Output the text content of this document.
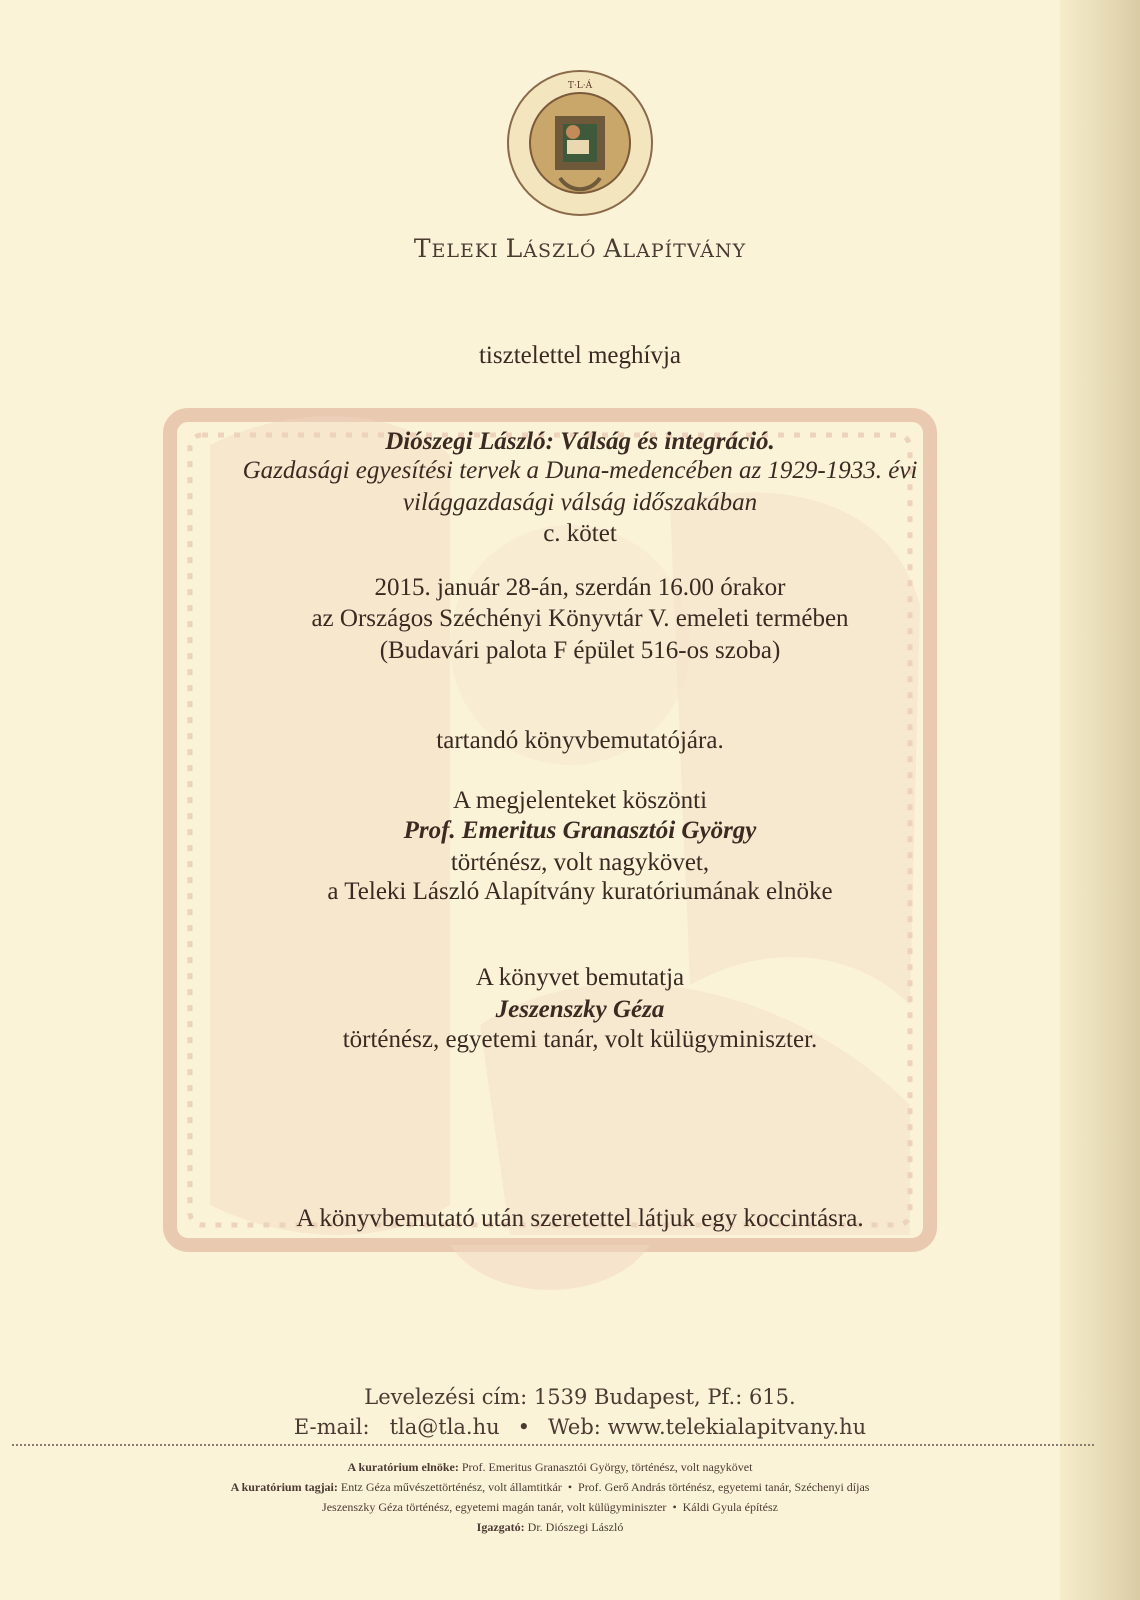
T·L·Á
TELEKI LÁSZLÓ ALAPÍTVÁNY
tisztelettel meghívja
Diószegi László: Válság és integráció.
Gazdasági egyesítési tervek a Duna-medencében az 1929-1933. évi
világgazdasági válság időszakában
c. kötet
2015. január 28-án, szerdán 16.00 órakor
az Országos Széchényi Könyvtár V. emeleti termében
(Budavári palota F épület 516-os szoba)
tartandó könyvbemutatójára.
A megjelenteket köszönti
Prof. Emeritus Granasztói György
történész, volt nagykövet,
a Teleki László Alapítvány kuratóriumának elnöke
A könyvet bemutatja
Jeszenszky Géza
történész, egyetemi tanár, volt külügyminiszter.
A könyvbemutató után szeretettel látjuk egy koccintásra.
Levelezési cím: 1539 Budapest, Pf.: 615.
E-mail: tla@tla.hu • Web: www.telekialapitvany.hu
A kuratórium elnöke: Prof. Emeritus Granasztói György, történész, volt nagykövet
A kuratórium tagjai: Entz Géza művészettörténész, volt államtitkár • Prof. Gerő András történész, egyetemi tanár, Széchenyi díjas
Jeszenszky Géza történész, egyetemi magán tanár, volt külügyminiszter • Káldi Gyula építész
Igazgató: Dr. Diószegi László
